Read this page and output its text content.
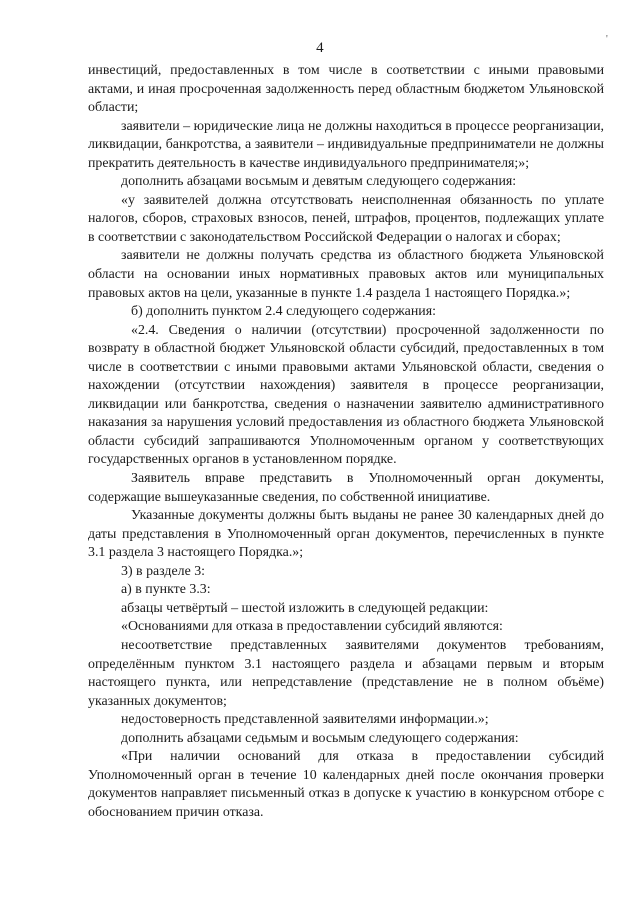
4
'

инвестиций, предоставленных в том числе в соответствии с иными правовыми актами, и иная просроченная задолженность перед областным бюджетом Ульяновской области;

заявители – юридические лица не должны находиться в процессе реорганизации, ликвидации, банкротства, а заявители – индивидуальные предприниматели не должны прекратить деятельность в качестве индивидуального предпринимателя;»;

дополнить абзацами восьмым и девятым следующего содержания:

«у заявителей должна отсутствовать неисполненная обязанность по уплате налогов, сборов, страховых взносов, пеней, штрафов, процентов, подлежащих уплате в соответствии с законодательством Российской Федерации о налогах и сборах;

заявители не должны получать средства из областного бюджета Ульяновской области на основании иных нормативных правовых актов или муниципальных правовых актов на цели, указанные в пункте 1.4 раздела 1 настоящего Порядка.»;

б) дополнить пунктом 2.4 следующего содержания:

«2.4. Сведения о наличии (отсутствии) просроченной задолженности по возврату в областной бюджет Ульяновской области субсидий, предоставленных в том числе в соответствии с иными правовыми актами Ульяновской области, сведения о нахождении (отсутствии нахождения) заявителя в процессе реорганизации, ликвидации или банкротства, сведения о назначении заявителю административного наказания за нарушения условий предоставления из областного бюджета Ульяновской области субсидий запрашиваются Уполномоченным органом у соответствующих государственных органов в установленном порядке.

Заявитель вправе представить в Уполномоченный орган документы, содержащие вышеуказанные сведения, по собственной инициативе.

Указанные документы должны быть выданы не ранее 30 календарных дней до даты представления в Уполномоченный орган документов, перечисленных в пункте 3.1 раздела 3 настоящего Порядка.»;

3) в разделе 3:

а) в пункте 3.3:

абзацы четвёртый – шестой изложить в следующей редакции:

«Основаниями для отказа в предоставлении субсидий являются:

несоответствие представленных заявителями документов требованиям, определённым пунктом 3.1 настоящего раздела и абзацами первым и вторым настоящего пункта, или непредставление (представление не в полном объёме) указанных документов;

недостоверность представленной заявителями информации.»;

дополнить абзацами седьмым и восьмым следующего содержания:

«При наличии оснований для отказа в предоставлении субсидий Уполномоченный орган в течение 10 календарных дней после окончания проверки документов направляет письменный отказ в допуске к участию в конкурсном отборе с обоснованием причин отказа.
